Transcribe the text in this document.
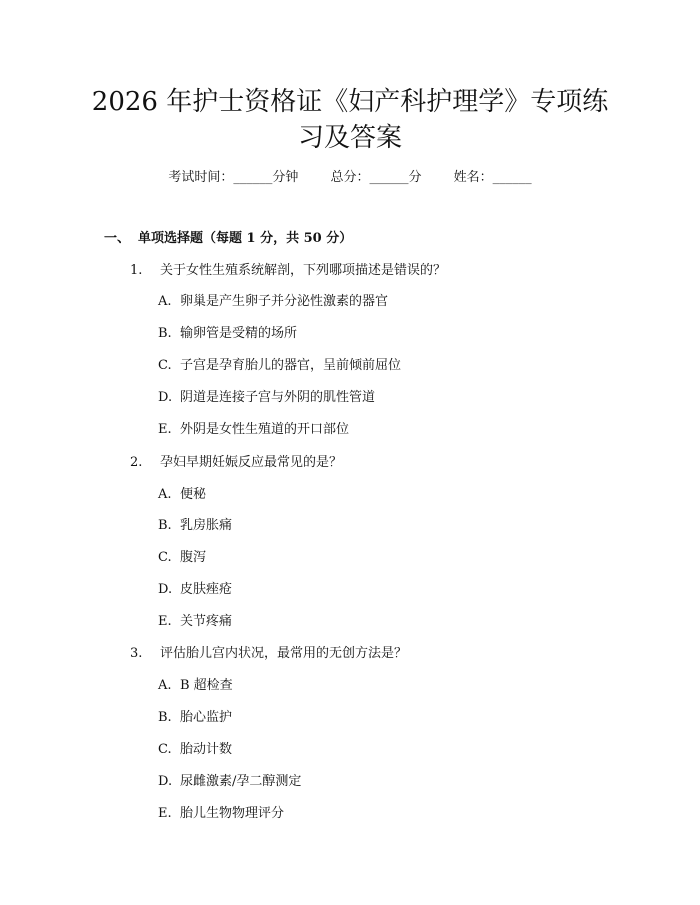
2026 年护士资格证《妇产科护理学》专项练
习及答案
考试时间：______分钟 总分：______分 姓名：______
一、 单项选择题（每题 1 分，共 50 分）
1. 关于女性生殖系统解剖，下列哪项描述是错误的？
A. 卵巢是产生卵子并分泌性激素的器官
B. 输卵管是受精的场所
C. 子宫是孕育胎儿的器官，呈前倾前屈位
D. 阴道是连接子宫与外阴的肌性管道
E. 外阴是女性生殖道的开口部位
2. 孕妇早期妊娠反应最常见的是？
A. 便秘
B. 乳房胀痛
C. 腹泻
D. 皮肤痤疮
E. 关节疼痛
3. 评估胎儿宫内状况，最常用的无创方法是？
A. B 超检查
B. 胎心监护
C. 胎动计数
D. 尿雌激素/孕二醇测定
E. 胎儿生物物理评分
